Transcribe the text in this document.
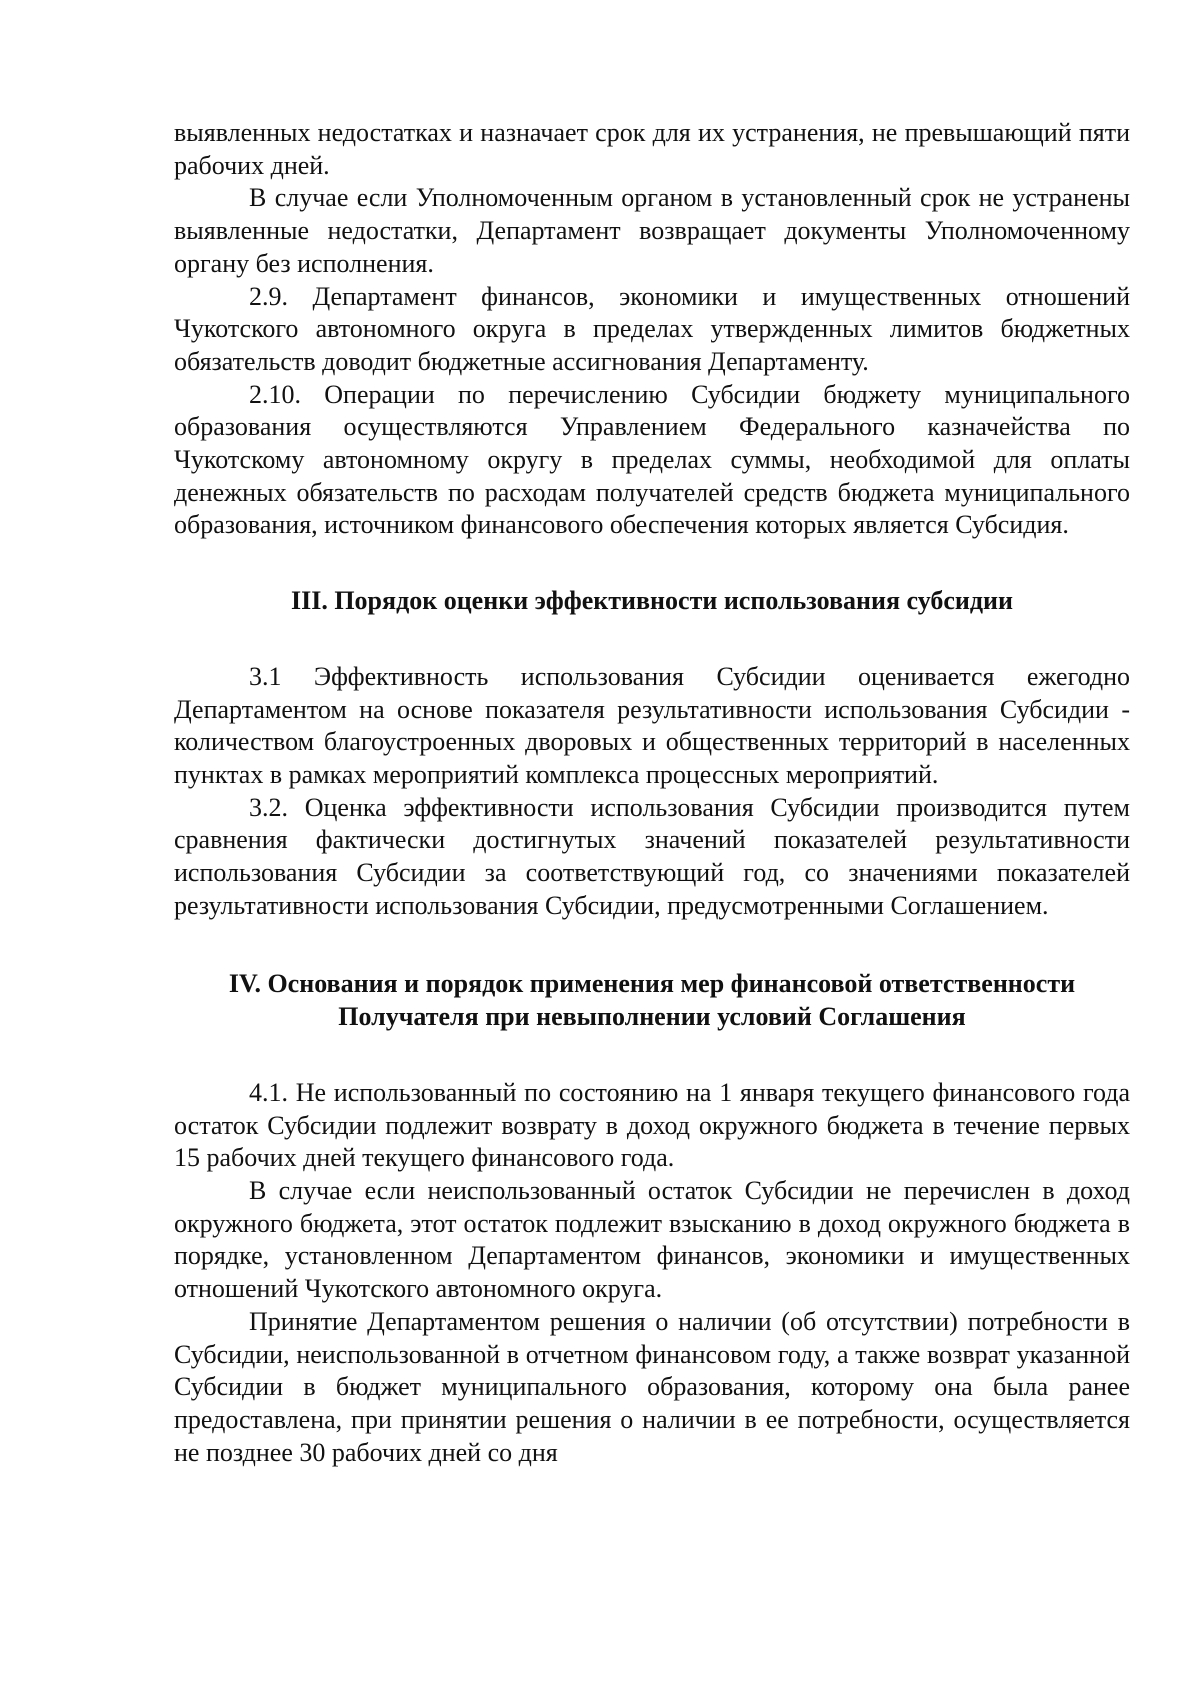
выявленных недостатках и назначает срок для их устранения, не превышающий пяти рабочих дней.

В случае если Уполномоченным органом в установленный срок не устранены выявленные недостатки, Департамент возвращает документы Уполномоченному органу без исполнения.

2.9. Департамент финансов, экономики и имущественных отношений Чукотского автономного округа в пределах утвержденных лимитов бюджетных обязательств доводит бюджетные ассигнования Департаменту.

2.10. Операции по перечислению Субсидии бюджету муниципального образования осуществляются Управлением Федерального казначейства по Чукотскому автономному округу в пределах суммы, необходимой для оплаты денежных обязательств по расходам получателей средств бюджета муниципального образования, источником финансового обеспечения которых является Субсидия.

III. Порядок оценки эффективности использования субсидии

3.1 Эффективность использования Субсидии оценивается ежегодно Департаментом на основе показателя результативности использования Субсидии - количеством благоустроенных дворовых и общественных территорий в населенных пунктах в рамках мероприятий комплекса процессных мероприятий.

3.2. Оценка эффективности использования Субсидии производится путем сравнения фактически достигнутых значений показателей результативности использования Субсидии за соответствующий год, со значениями показателей результативности использования Субсидии, предусмотренными Соглашением.

IV. Основания и порядок применения мер финансовой ответственности
Получателя при невыполнении условий Соглашения

4.1. Не использованный по состоянию на 1 января текущего финансового года остаток Субсидии подлежит возврату в доход окружного бюджета в течение первых 15 рабочих дней текущего финансового года.

В случае если неиспользованный остаток Субсидии не перечислен в доход окружного бюджета, этот остаток подлежит взысканию в доход окружного бюджета в порядке, установленном Департаментом финансов, экономики и имущественных отношений Чукотского автономного округа.

Принятие Департаментом решения о наличии (об отсутствии) потребности в Субсидии, неиспользованной в отчетном финансовом году, а также возврат указанной Субсидии в бюджет муниципального образования, которому она была ранее предоставлена, при принятии решения о наличии в ее потребности, осуществляется не позднее 30 рабочих дней со дня
